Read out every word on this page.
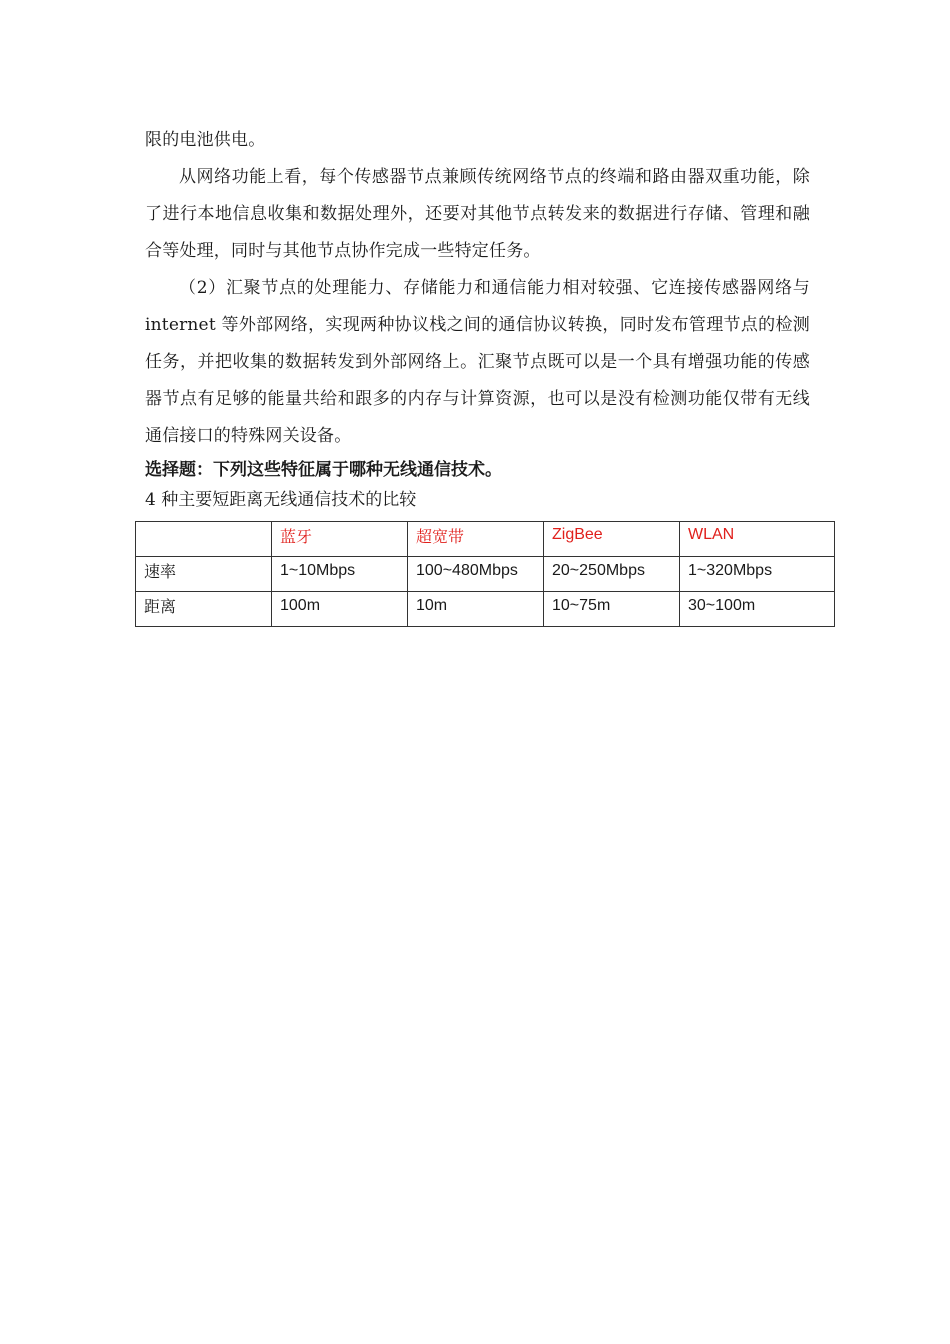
限的电池供电。

从网络功能上看，每个传感器节点兼顾传统网络节点的终端和路由器双重功能，除了进行本地信息收集和数据处理外，还要对其他节点转发来的数据进行存储、管理和融合等处理，同时与其他节点协作完成一些特定任务。

（2）汇聚节点的处理能力、存储能力和通信能力相对较强、它连接传感器网络与 internet 等外部网络，实现两种协议栈之间的通信协议转换，同时发布管理节点的检测任务，并把收集的数据转发到外部网络上。汇聚节点既可以是一个具有增强功能的传感器节点有足够的能量共给和跟多的内存与计算资源，也可以是没有检测功能仅带有无线通信接口的特殊网关设备。

选择题：下列这些特征属于哪种无线通信技术。

4 种主要短距离无线通信技术的比较

	蓝牙	超宽带	ZigBee	WLAN
速率	1~10Mbps	100~480Mbps	20~250Mbps	1~320Mbps
距离	100m	10m	10~75m	30~100m
